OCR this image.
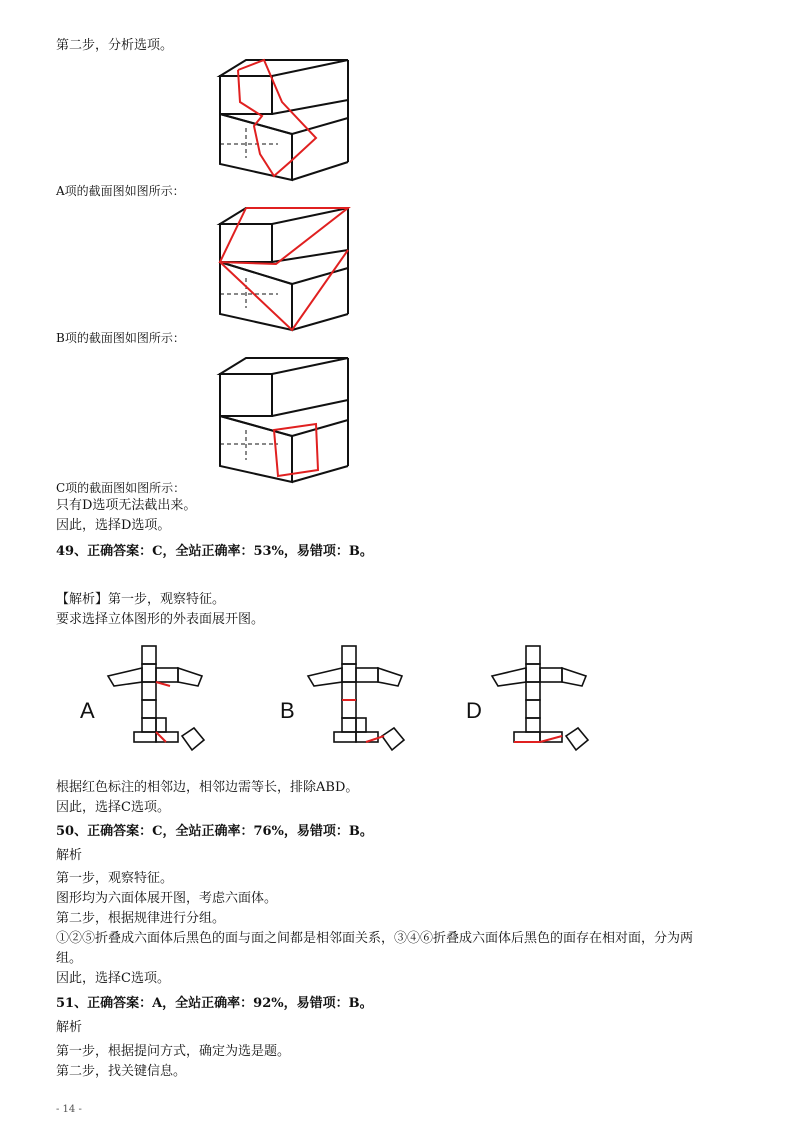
第二步，分析选项。
A项的截面图如图所示：
B项的截面图如图所示：
C项的截面图如图所示：
只有D选项无法截出来。
因此，选择D选项。
49、正确答案：C，全站正确率：53%，易错项：B。
【解析】第一步，观察特征。
要求选择立体图形的外表面展开图。
A	B	D
根据红色标注的相邻边，相邻边需等长，排除ABD。
因此，选择C选项。
50、正确答案：C，全站正确率：76%，易错项：B。
解析
第一步，观察特征。
图形均为六面体展开图，考虑六面体。
第二步，根据规律进行分组。
①②⑤折叠成六面体后黑色的面与面之间都是相邻面关系，③④⑥折叠成六面体后黑色的面存在相对面，分为两
组。
因此，选择C选项。
51、正确答案：A，全站正确率：92%，易错项：B。
解析
第一步，根据提问方式，确定为选是题。
第二步，找关键信息。
- 14 -
